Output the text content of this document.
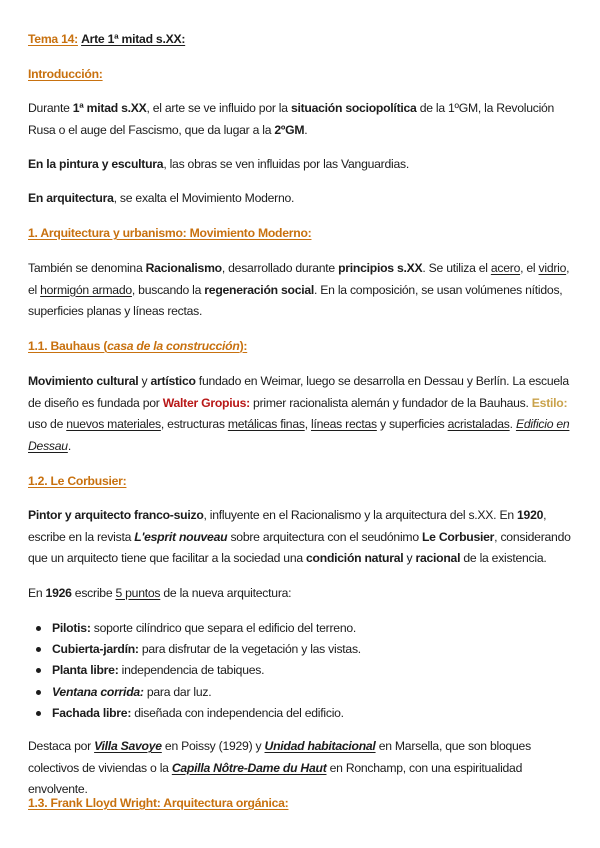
Tema 14: Arte 1ª mitad s.XX:
Introducción:
Durante 1ª mitad s.XX, el arte se ve influido por la situación sociopolítica de la 1ºGM, la Revolución Rusa o el auge del Fascismo, que da lugar a la 2ºGM.
En la pintura y escultura, las obras se ven influidas por las Vanguardias.
En arquitectura, se exalta el Movimiento Moderno.
1. Arquitectura y urbanismo: Movimiento Moderno:
También se denomina Racionalismo, desarrollado durante principios s.XX. Se utiliza el acero, el vidrio, el hormigón armado, buscando la regeneración social. En la composición, se usan volúmenes nítidos, superficies planas y líneas rectas.
1.1. Bauhaus (casa de la construcción):
Movimiento cultural y artístico fundado en Weimar, luego se desarrolla en Dessau y Berlín. La escuela de diseño es fundada por Walter Gropius: primer racionalista alemán y fundador de la Bauhaus. Estilo: uso de nuevos materiales, estructuras metálicas finas, líneas rectas y superficies acristaladas. Edificio en Dessau.
1.2. Le Corbusier:
Pintor y arquitecto franco-suizo, influyente en el Racionalismo y la arquitectura del s.XX. En 1920, escribe en la revista L'esprit nouveau sobre arquitectura con el seudónimo Le Corbusier, considerando que un arquitecto tiene que facilitar a la sociedad una condición natural y racional de la existencia.
En 1926 escribe 5 puntos de la nueva arquitectura:
Pilotis: soporte cilíndrico que separa el edificio del terreno.
Cubierta-jardín: para disfrutar de la vegetación y las vistas.
Planta libre: independencia de tabiques.
Ventana corrida: para dar luz.
Fachada libre: diseñada con independencia del edificio.
Destaca por Villa Savoye en Poissy (1929) y Unidad habitacional en Marsella, que son bloques colectivos de viviendas o la Capilla Nôtre-Dame du Haut en Ronchamp, con una espiritualidad envolvente.
1.3. Frank Lloyd Wright: Arquitectura orgánica:
